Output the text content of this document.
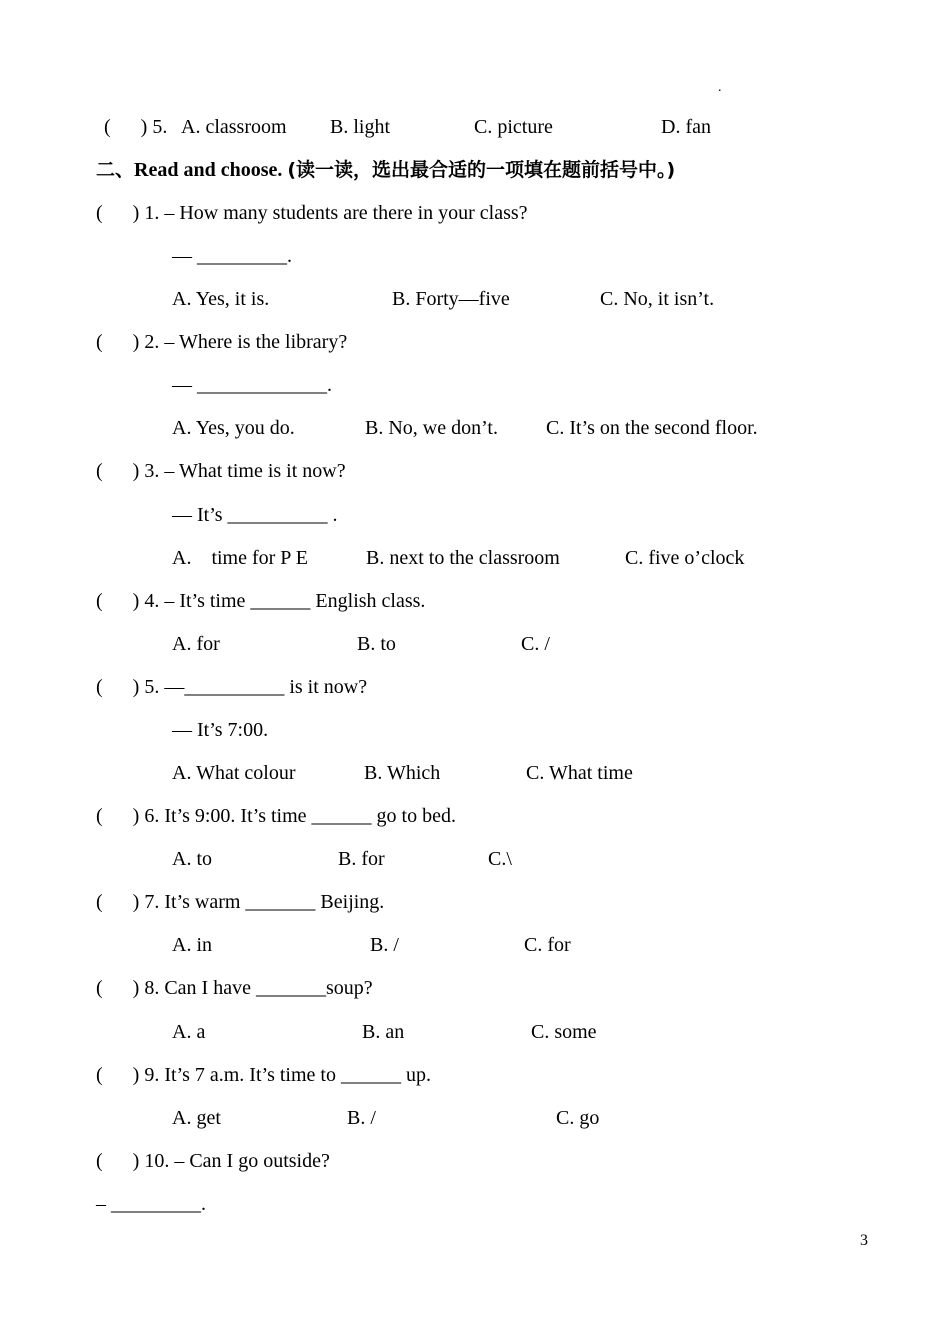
.
(      ) 5. A. classroom B. light	C. picture	D. fan
二、Read and choose. (读一读，选出最合适的一项填在题前括号中。)
(      ) 1. – How many students are there in your class?
— _________.
A. Yes, it is.	B. Forty—five	C. No, it isn’t.
(      ) 2. – Where is the library?
— _____________.
A. Yes, you do.	B. No, we don’t. C. It’s on the second floor.
(      ) 3. – What time is it now?
— It’s __________ .
A.    time for P E	B. next to the classroom	C. five o’clock
(      ) 4. – It’s time ______ English class.
A. for	B. to	C. /
(      ) 5. —__________ is it now?
— It’s 7:00.
A. What colour	B. Which	C. What time
(      ) 6. It’s 9:00. It’s time ______ go to bed.
A. to	B. for	C.\
(      ) 7. It’s warm _______ Beijing.
A. in	B. /	C. for
(      ) 8. Can I have _______soup?
A. a	B. an	C. some
(      ) 9. It’s 7 a.m. It’s time to ______ up.
A. get	B. /	C. go
(      ) 10. – Can I go outside?
– _________.
3
